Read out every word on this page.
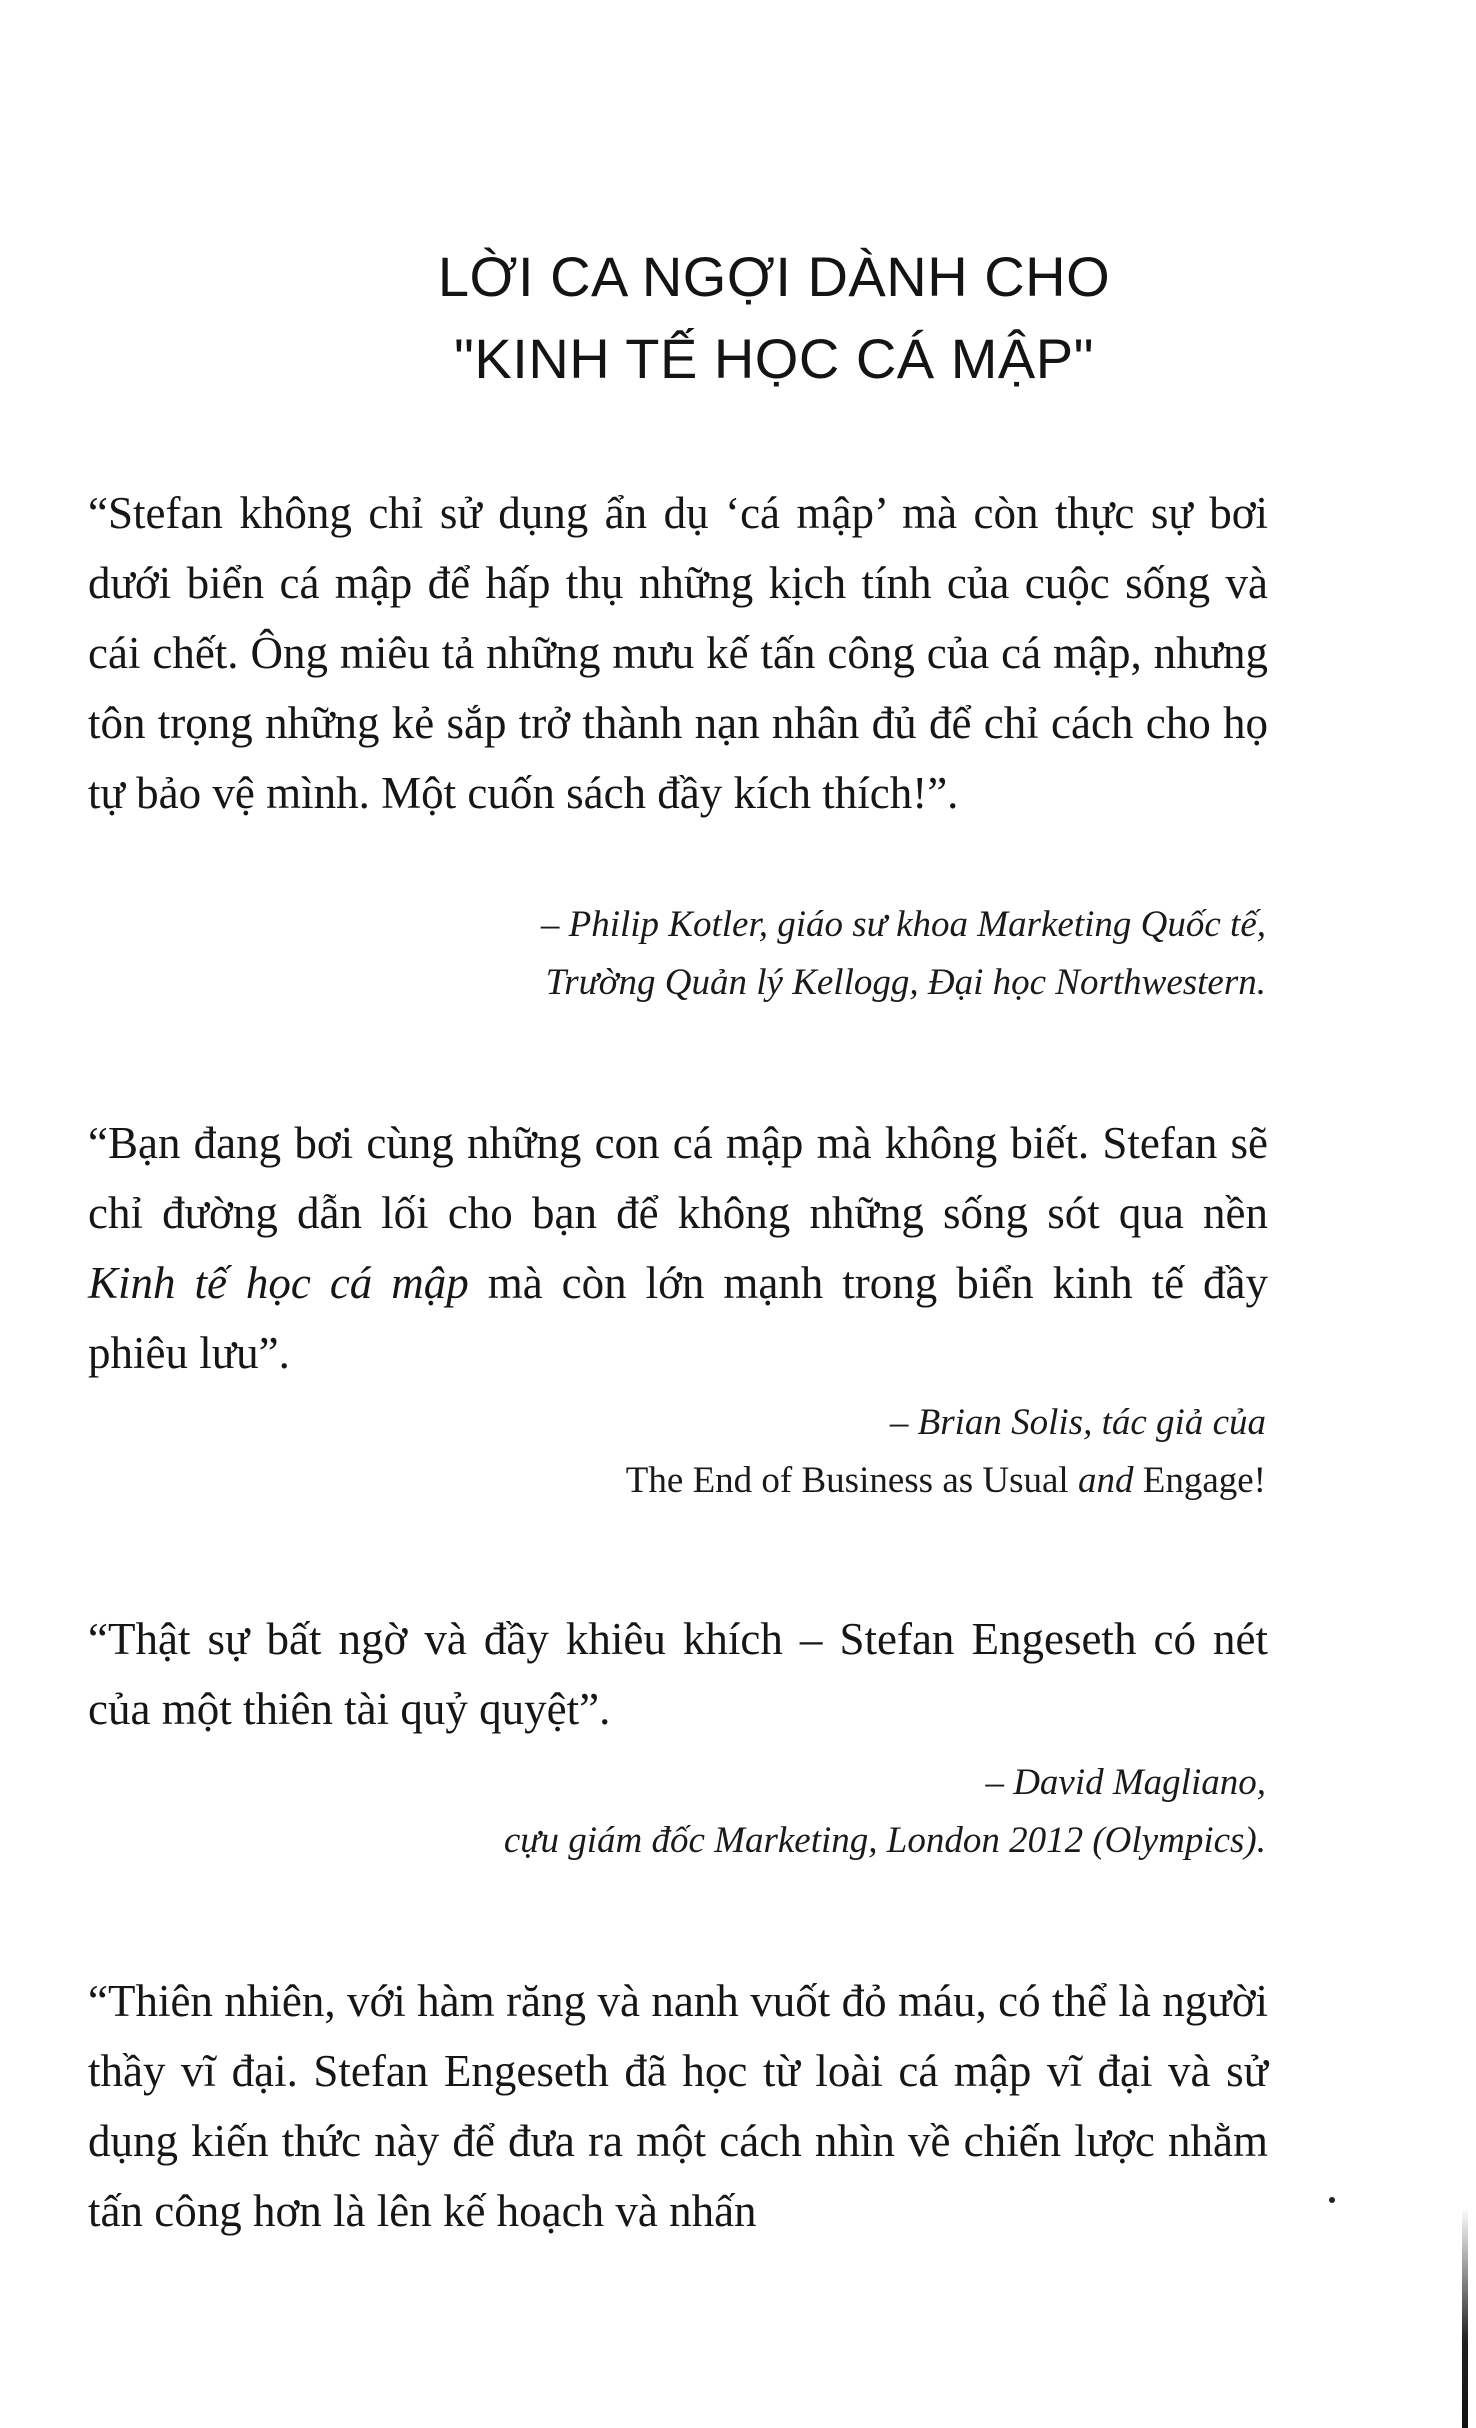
LỜI CA NGỢI DÀNH CHO
"KINH TẾ HỌC CÁ MẬP"

“Stefan không chỉ sử dụng ẩn dụ ‘cá mập’ mà còn thực sự bơi dưới biển cá mập để hấp thụ những kịch tính của cuộc sống và cái chết. Ông miêu tả những mưu kế tấn công của cá mập, nhưng tôn trọng những kẻ sắp trở thành nạn nhân đủ để chỉ cách cho họ tự bảo vệ mình. Một cuốn sách đầy kích thích!”.

– Philip Kotler, giáo sư khoa Marketing Quốc tế,
Trường Quản lý Kellogg, Đại học Northwestern.

“Bạn đang bơi cùng những con cá mập mà không biết. Stefan sẽ chỉ đường dẫn lối cho bạn để không những sống sót qua nền Kinh tế học cá mập mà còn lớn mạnh trong biển kinh tế đầy phiêu lưu”.

– Brian Solis, tác giả của
The End of Business as Usual and Engage!

“Thật sự bất ngờ và đầy khiêu khích – Stefan Engeseth có nét của một thiên tài quỷ quyệt”.

– David Magliano,
cựu giám đốc Marketing, London 2012 (Olympics).

“Thiên nhiên, với hàm răng và nanh vuốt đỏ máu, có thể là người thầy vĩ đại. Stefan Engeseth đã học từ loài cá mập vĩ đại và sử dụng kiến thức này để đưa ra một cách nhìn về chiến lược nhằm tấn công hơn là lên kế hoạch và nhấn
